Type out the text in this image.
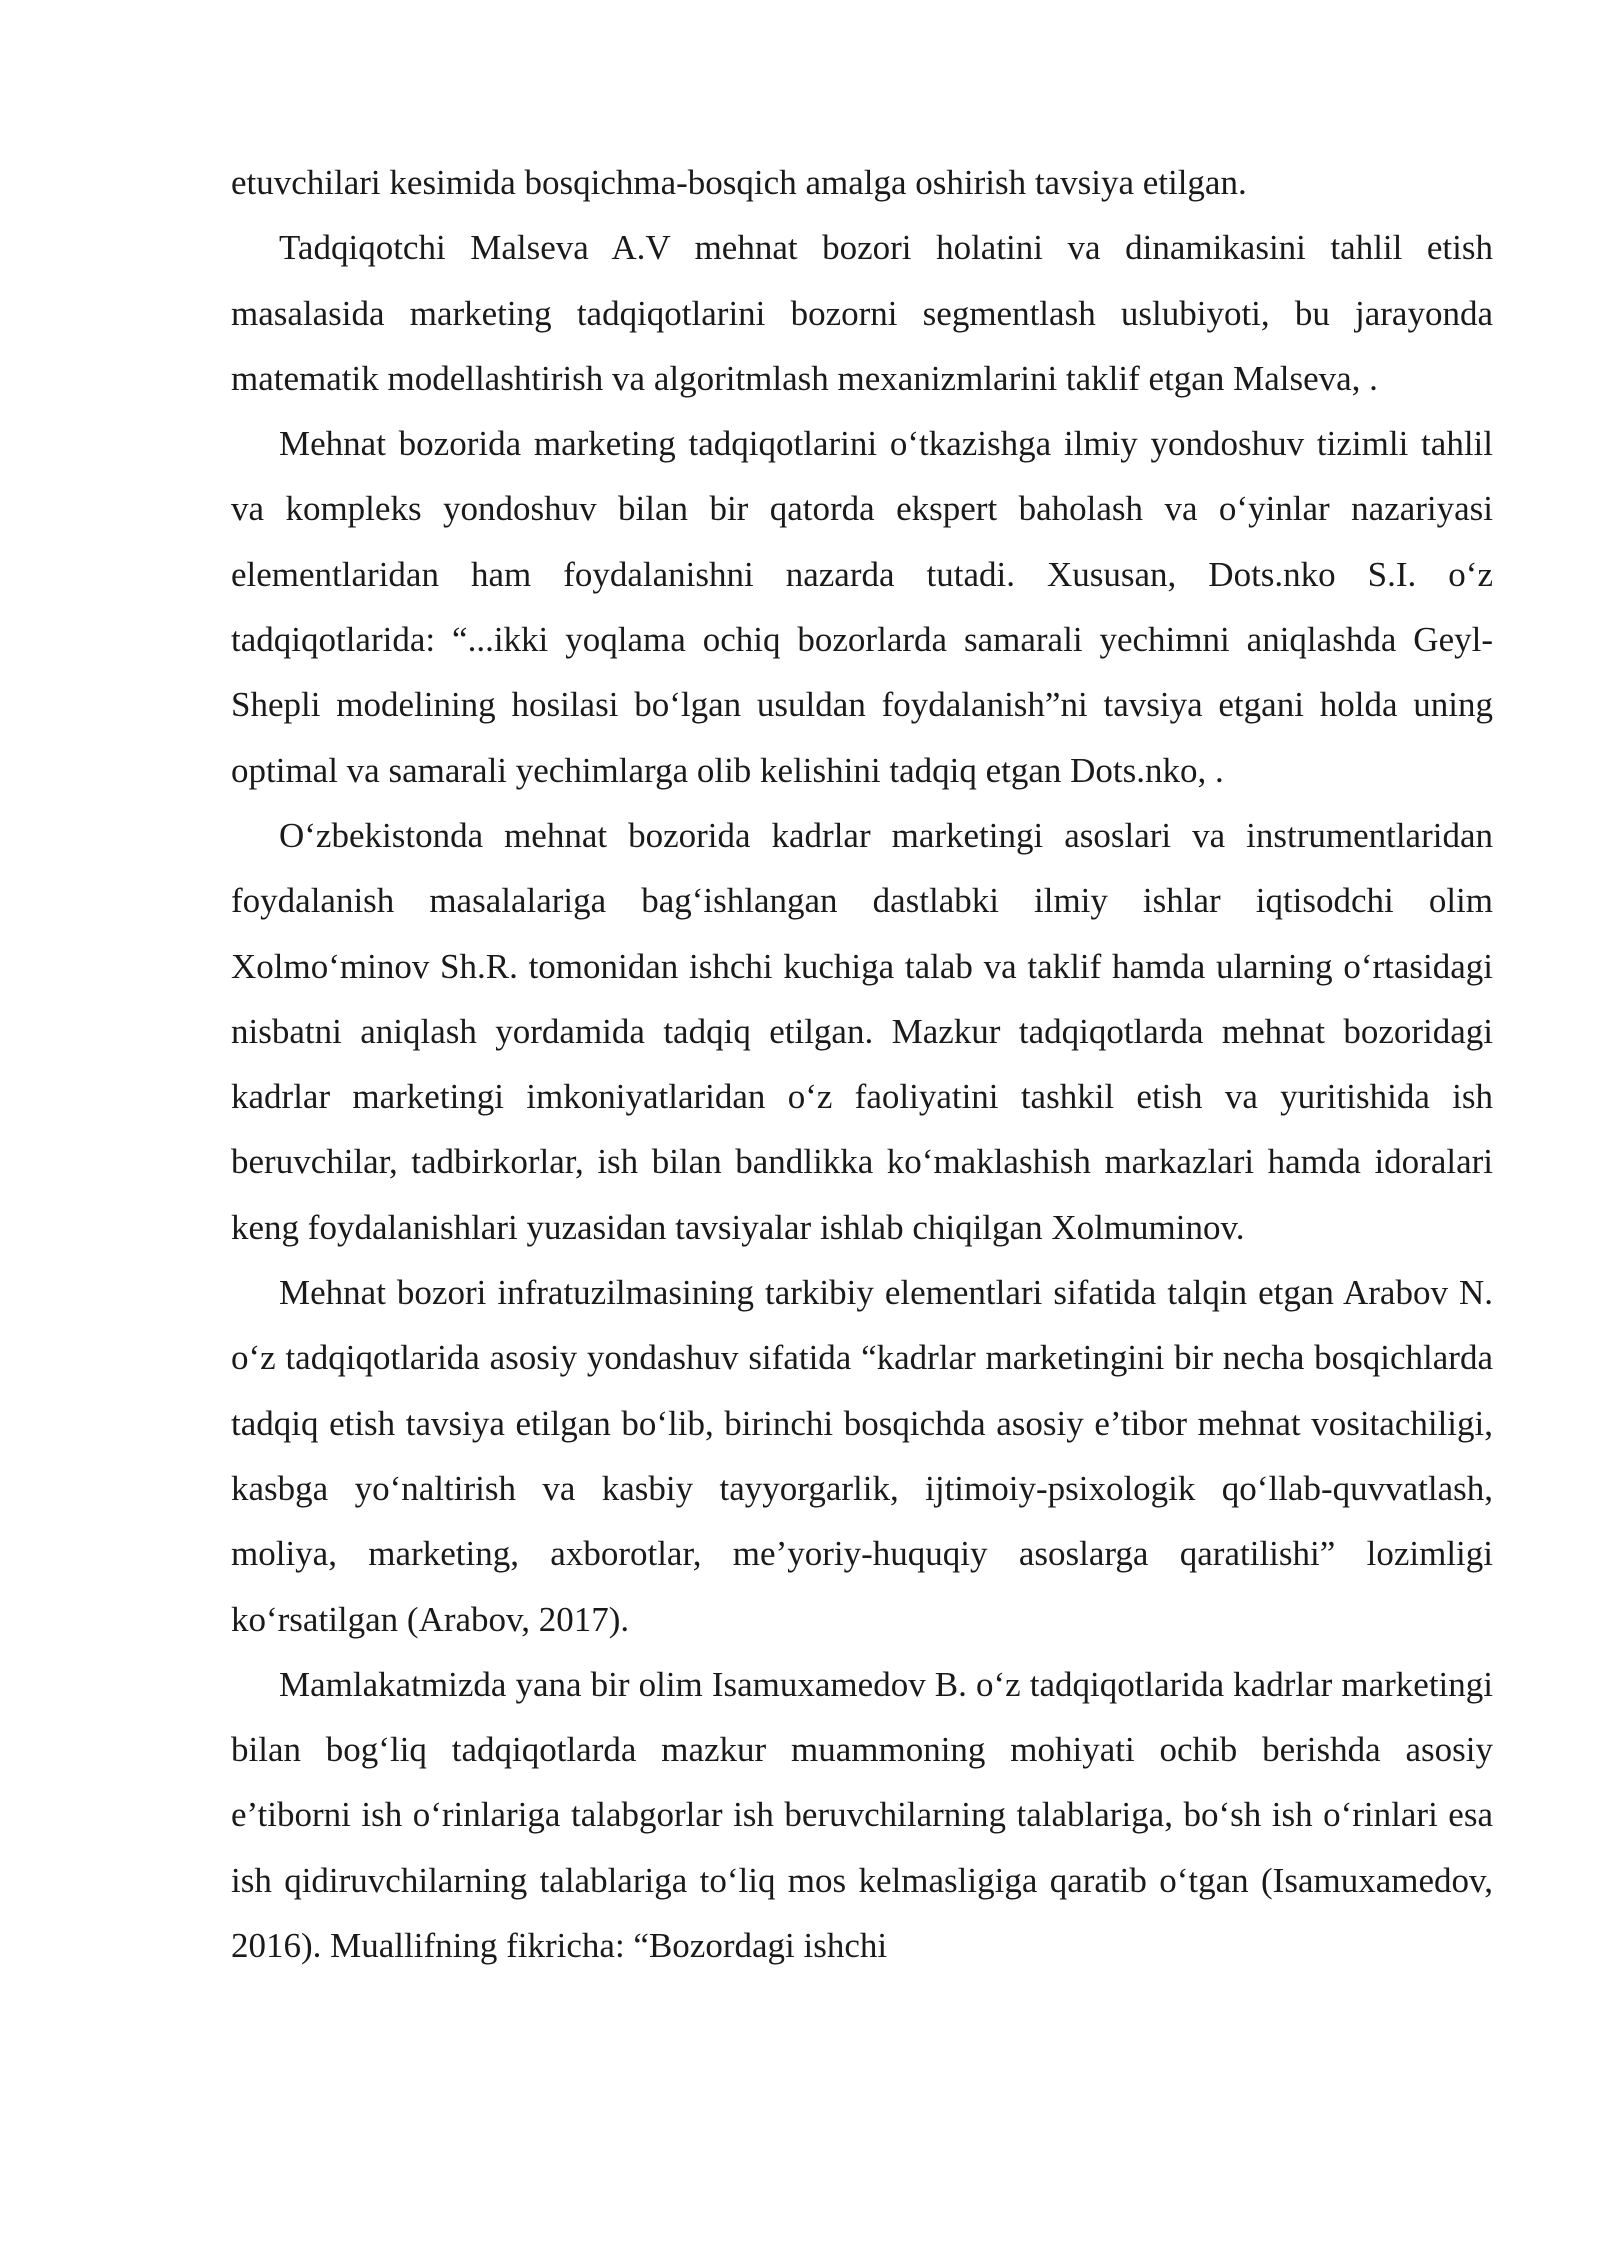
etuvchilari kesimida bosqichma-bosqich amalga oshirish tavsiya etilgan.

Tadqiqotchi Malseva A.V mehnat bozori holatini va dinamikasini tahlil etish masalasida marketing tadqiqotlarini bozorni segmentlash uslubiyoti, bu jarayonda matematik modellashtirish va algoritmlash mexanizmlarini taklif etgan Malseva, .

Mehnat bozorida marketing tadqiqotlarini oʻtkazishga ilmiy yondoshuv tizimli tahlil va kompleks yondoshuv bilan bir qatorda ekspert baholash va oʻyinlar nazariyasi elementlaridan ham foydalanishni nazarda tutadi. Xususan, Dots.nko S.I. oʻz tadqiqotlarida: “...ikki yoqlama ochiq bozorlarda samarali yechimni aniqlashda Geyl-Shepli modelining hosilasi boʻlgan usuldan foydalanish”ni tavsiya etgani holda uning optimal va samarali yechimlarga olib kelishini tadqiq etgan Dots.nko, .

Oʻzbekistonda mehnat bozorida kadrlar marketingi asoslari va instrumentlaridan foydalanish masalalariga bagʻishlangan dastlabki ilmiy ishlar iqtisodchi olim Xolmoʻminov Sh.R. tomonidan ishchi kuchiga talab va taklif hamda ularning oʻrtasidagi nisbatni aniqlash yordamida tadqiq etilgan. Mazkur tadqiqotlarda mehnat bozoridagi kadrlar marketingi imkoniyatlaridan oʻz faoliyatini tashkil etish va yuritishida ish beruvchilar, tadbirkorlar, ish bilan bandlikka koʻmaklashish markazlari hamda idoralari keng foydalanishlari yuzasidan tavsiyalar ishlab chiqilgan Xolmuminov.

Mehnat bozori infratuzilmasining tarkibiy elementlari sifatida talqin etgan Arabov N. oʻz tadqiqotlarida asosiy yondashuv sifatida “kadrlar marketingini bir necha bosqichlarda tadqiq etish tavsiya etilgan boʻlib, birinchi bosqichda asosiy e’tibor mehnat vositachiligi, kasbga yoʻnaltirish va kasbiy tayyorgarlik, ijtimoiy-psixologik qoʻllab-quvvatlash, moliya, marketing, axborotlar, me’yoriy-huquqiy asoslarga qaratilishi” lozimligi koʻrsatilgan (Arabov, 2017).

Mamlakatmizda yana bir olim Isamuxamedov B. oʻz tadqiqotlarida kadrlar marketingi bilan bogʻliq tadqiqotlarda mazkur muammoning mohiyati ochib berishda asosiy e’tiborni ish oʻrinlariga talabgorlar ish beruvchilarning talablariga, boʻsh ish oʻrinlari esa ish qidiruvchilarning talablariga toʻliq mos kelmasligiga qaratib oʻtgan (Isamuxamedov, 2016). Muallifning fikricha: “Bozordagi ishchi
